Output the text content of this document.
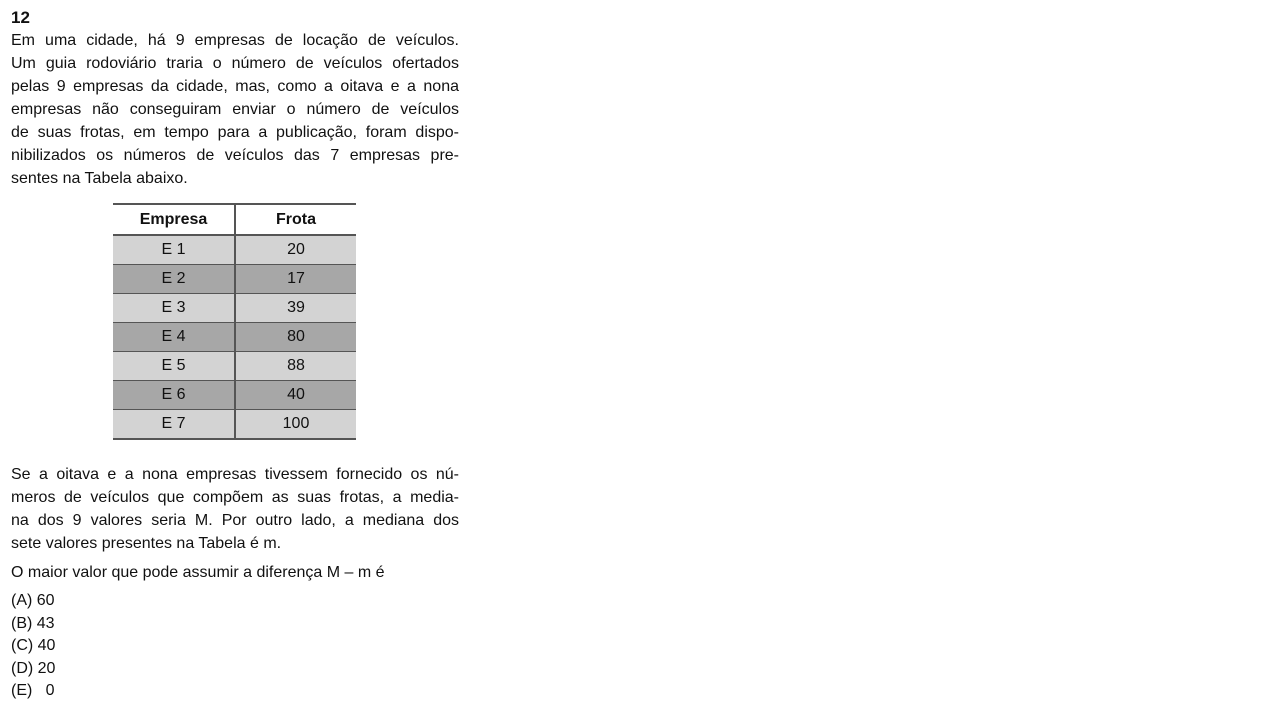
12
Em uma cidade, há 9 empresas de locação de veículos.
Um guia rodoviário traria o número de veículos ofertados
pelas 9 empresas da cidade, mas, como a oitava e a nona
empresas não conseguiram enviar o número de veículos
de suas frotas, em tempo para a publicação, foram dispo-
nibilizados os números de veículos das 7 empresas pre-
sentes na Tabela abaixo.
Empresa	Frota
E 1	20
E 2	17
E 3	39
E 4	80
E 5	88
E 6	40
E 7	100
Se a oitava e a nona empresas tivessem fornecido os nú-
meros de veículos que compõem as suas frotas, a media-
na dos 9 valores seria M. Por outro lado, a mediana dos
sete valores presentes na Tabela é m.
O maior valor que pode assumir a diferença M – m é
(A) 60
(B) 43
(C) 40
(D) 20
(E)   0
